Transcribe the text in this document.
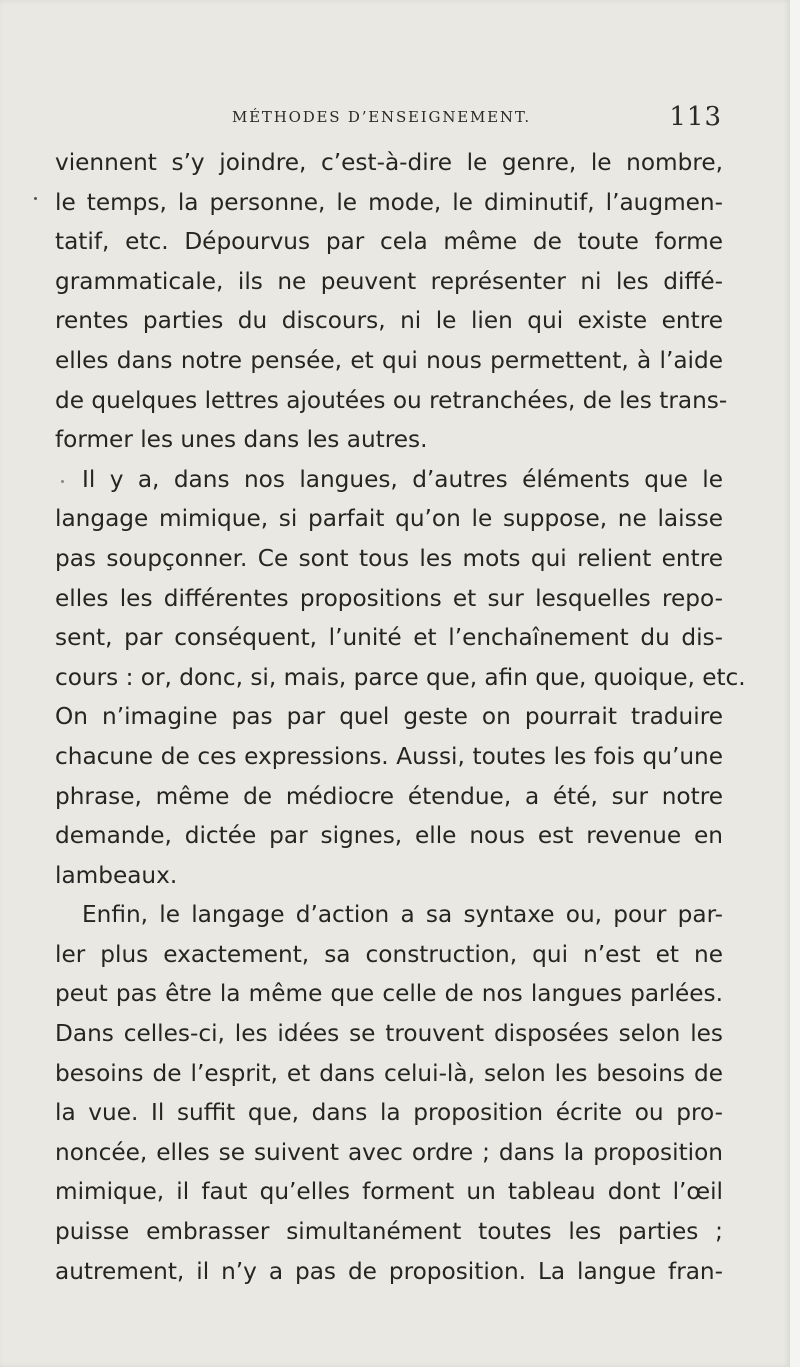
MÉTHODES D’ENSEIGNEMENT.	113
viennent s’y joindre, c’est-à-dire le genre, le nombre,
le temps, la personne, le mode, le diminutif, l’augmen-
tatif, etc. Dépourvus par cela même de toute forme
grammaticale, ils ne peuvent représenter ni les diffé-
rentes parties du discours, ni le lien qui existe entre
elles dans notre pensée, et qui nous permettent, à l’aide
de quelques lettres ajoutées ou retranchées, de les trans-
former les unes dans les autres.
Il y a, dans nos langues, d’autres éléments que le
langage mimique, si parfait qu’on le suppose, ne laisse
pas soupçonner. Ce sont tous les mots qui relient entre
elles les différentes propositions et sur lesquelles repo-
sent, par conséquent, l’unité et l’enchaînement du dis-
cours : or, donc, si, mais, parce que, afin que, quoique, etc.
On n’imagine pas par quel geste on pourrait traduire
chacune de ces expressions. Aussi, toutes les fois qu’une
phrase, même de médiocre étendue, a été, sur notre
demande, dictée par signes, elle nous est revenue en
lambeaux.
Enfin, le langage d’action a sa syntaxe ou, pour par-
ler plus exactement, sa construction, qui n’est et ne
peut pas être la même que celle de nos langues parlées.
Dans celles-ci, les idées se trouvent disposées selon les
besoins de l’esprit, et dans celui-là, selon les besoins de
la vue. Il suffit que, dans la proposition écrite ou pro-
noncée, elles se suivent avec ordre ; dans la proposition
mimique, il faut qu’elles forment un tableau dont l’œil
puisse embrasser simultanément toutes les parties ;
autrement, il n’y a pas de proposition. La langue fran-
